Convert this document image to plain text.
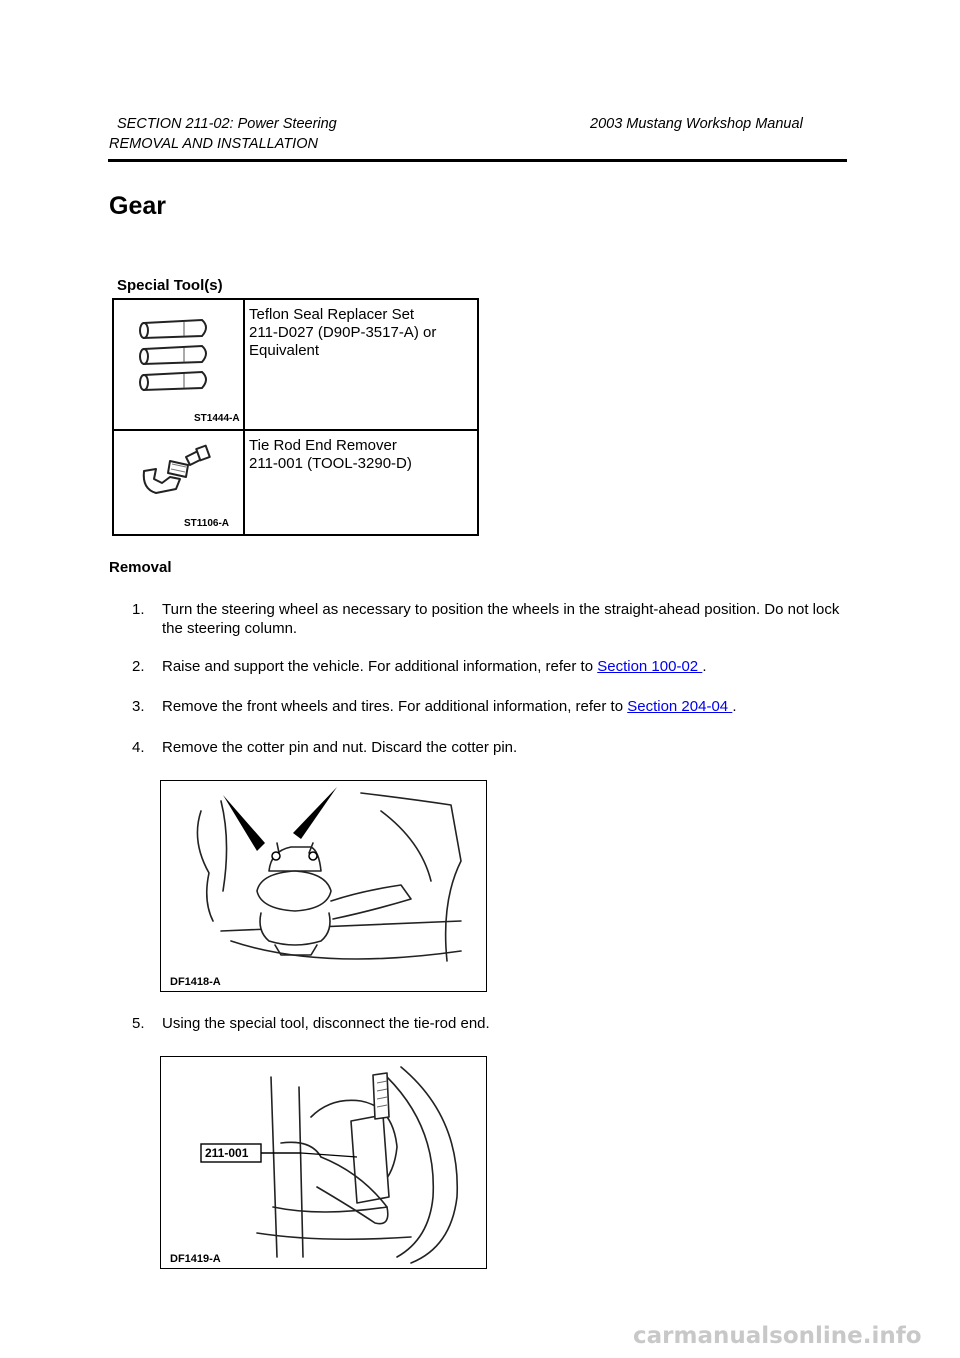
SECTION 211-02: Power Steering	2003 Mustang Workshop Manual
REMOVAL AND INSTALLATION
Gear
Special Tool(s)
ST1444-A
Teflon Seal Replacer Set
211-D027 (D90P-3517-A) or
Equivalent
ST1106-A
Tie Rod End Remover
211-001 (TOOL-3290-D)
Removal
1. Turn the steering wheel as necessary to position the wheels in the straight-ahead position. Do not lock the steering column.
2. Raise and support the vehicle. For additional information, refer to Section 100-02 .
3. Remove the front wheels and tires. For additional information, refer to Section 204-04 .
4. Remove the cotter pin and nut. Discard the cotter pin.
DF1418-A
5. Using the special tool, disconnect the tie-rod end.
211-001
DF1419-A
carmanualsonline.info
